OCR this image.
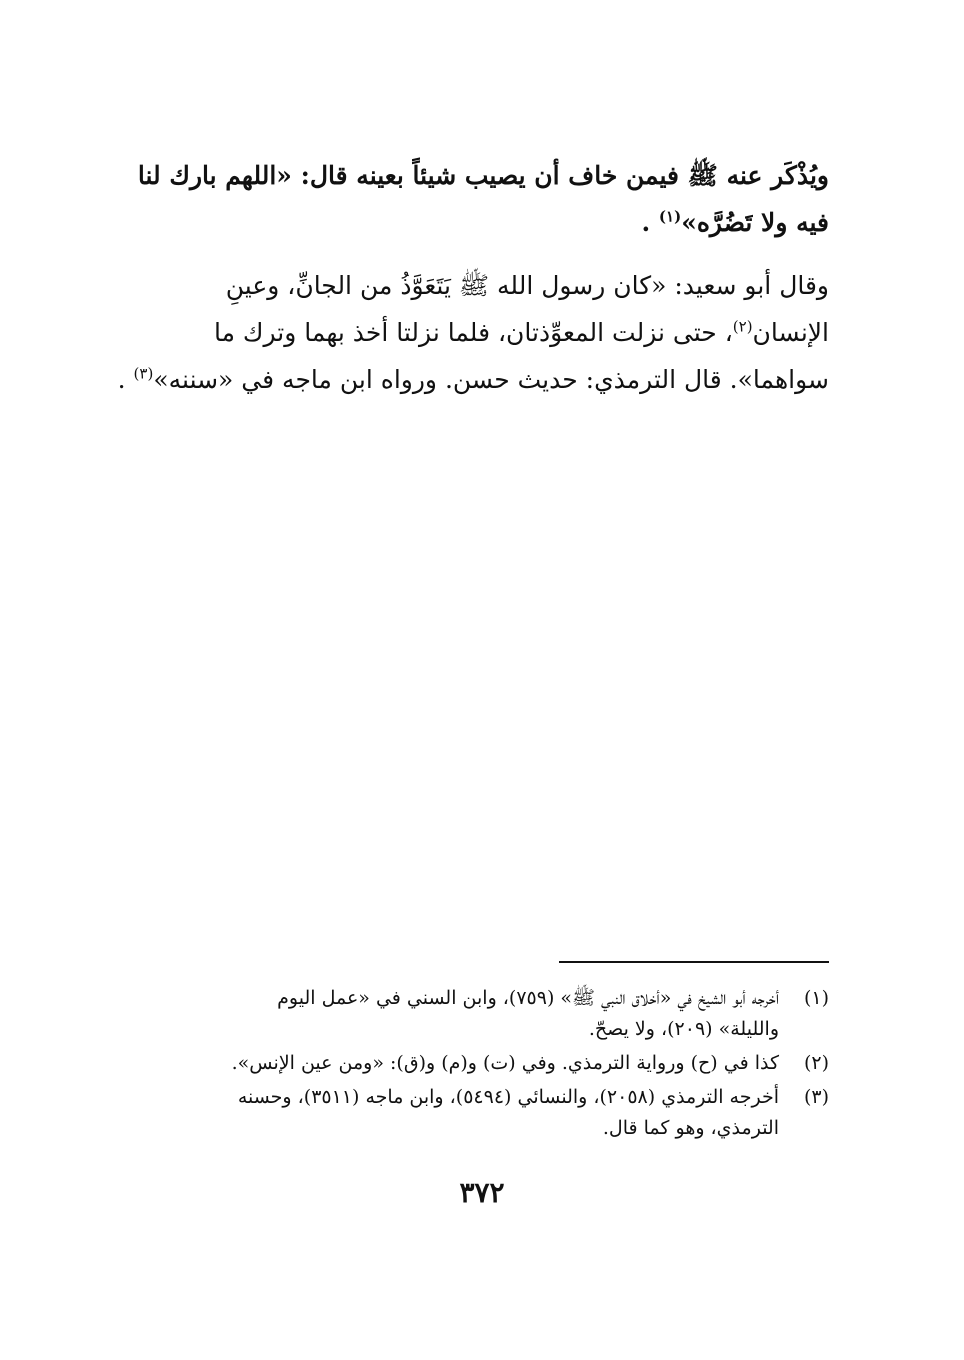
ويُذْكَر عنه ﷺ فيمن خاف أن يصيب شيئاً بعينه قال: «اللهم بارك لنا
فيه ولا تَضُرَّه»$^{(١)}$ .
وقال أبو سعيد: «كان رسول الله ﷺ يَتَعَوَّذُ من الجانِّ، وعينِ
الإنسان$^{(٢)}$، حتى نزلت المعوِّذتان، فلما نزلتا أخذ بهما وترك ما
سواهما». قال الترمذي: حديث حسن. ورواه ابن ماجه في «سننه»$^{(٣)}$ .
(١)
أخرجه أبو الشيخ في «أخلاق النبي ﷺ» (٧٥٩)، وابن السني في «عمل اليوم
والليلة» (٢٠٩)، ولا يصحّ.
(٢)
كذا في (ح) ورواية الترمذي. وفي (ت) و(م) و(ق): «ومن عين الإنس».
(٣)
أخرجه الترمذي (٢٠٥٨)، والنسائي (٥٤٩٤)، وابن ماجه (٣٥١١)، وحسنه
الترمذي، وهو كما قال.
٣٧٢
